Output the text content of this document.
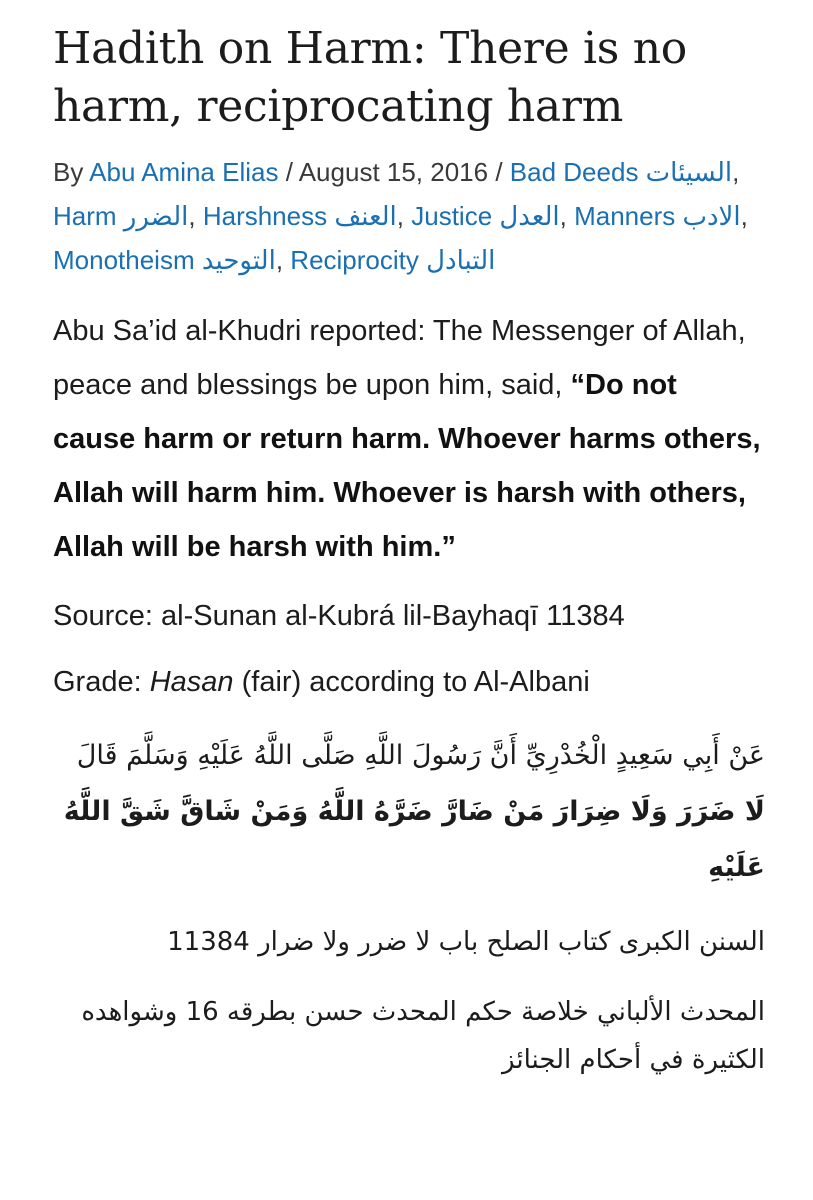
Hadith on Harm: There is no harm, reciprocating harm
By Abu Amina Elias / August 15, 2016 / Bad Deeds السيئات, Harm الضرر, Harshness العنف, Justice العدل, Manners الادب, Monotheism التوحيد, Reciprocity التبادل

Abu Sa’id al-Khudri reported: The Messenger of Allah, peace and blessings be upon him, said, “Do not cause harm or return harm. Whoever harms others, Allah will harm him. Whoever is harsh with others, Allah will be harsh with him.”

Source: al-Sunan al-Kubrá lil-Bayhaqī 11384
Grade: Hasan (fair) according to Al-Albani
عَنْ أَبِي سَعِيدٍ الْخُدْرِيِّ أَنَّ رَسُولَ اللَّهِ صَلَّى اللَّهُ عَلَيْهِ وَسَلَّمَ قَالَ لَا ضَرَرَ وَلَا ضِرَارَ مَنْ ضَارَّ ضَرَّهُ اللَّهُ وَمَنْ شَاقَّ شَقَّ اللَّهُ عَلَيْهِ
السنن الكبرى كتاب الصلح باب لا ضرر ولا ضرار 11384
المحدث الألباني خلاصة حكم المحدث حسن بطرقه 16 وشواهده الكثيرة في أحكام الجنائز
